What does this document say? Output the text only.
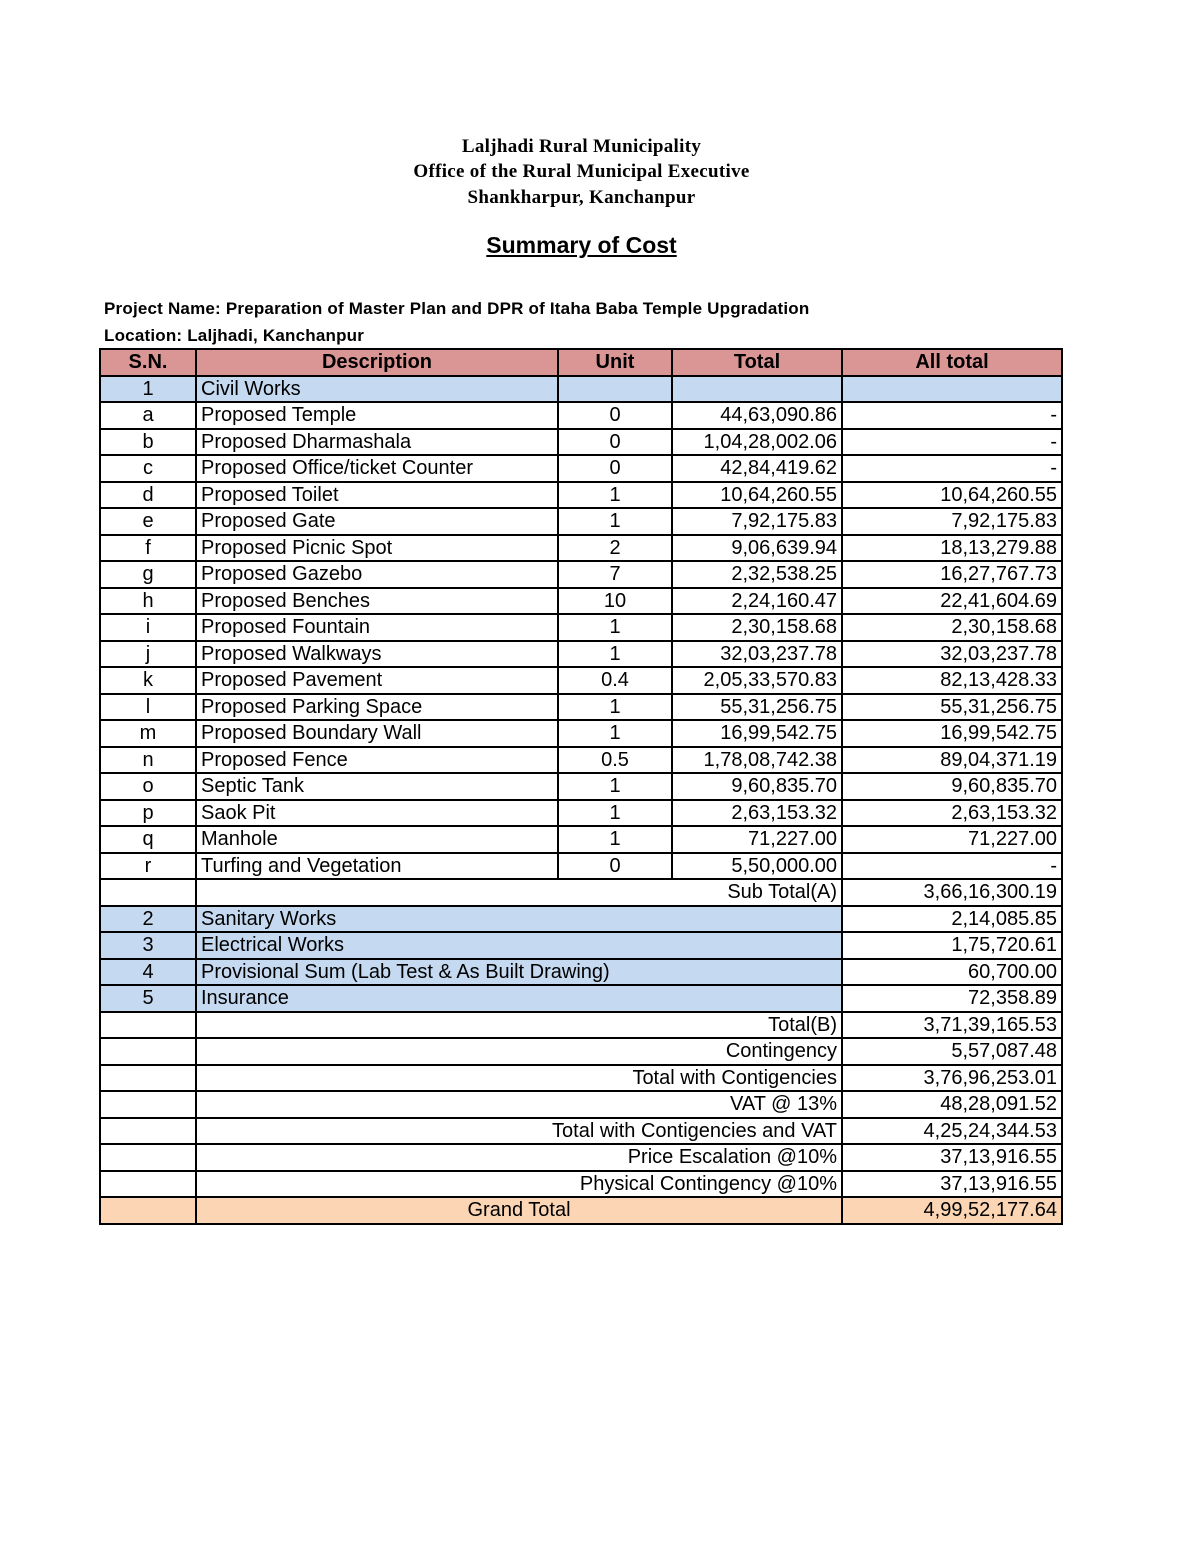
Laljhadi Rural Municipality
Office of the Rural Municipal Executive
Shankharpur, Kanchanpur
Summary of Cost
Project Name: Preparation of Master Plan and DPR of Itaha Baba Temple Upgradation
Location: Laljhadi, Kanchanpur
S.N.	Description	Unit	Total	All total
1	Civil Works			
a	Proposed Temple	0	44,63,090.86	-
b	Proposed Dharmashala	0	1,04,28,002.06	-
c	Proposed Office/ticket Counter	0	42,84,419.62	-
d	Proposed Toilet	1	10,64,260.55	10,64,260.55
e	Proposed Gate	1	7,92,175.83	7,92,175.83
f	Proposed Picnic Spot	2	9,06,639.94	18,13,279.88
g	Proposed Gazebo	7	2,32,538.25	16,27,767.73
h	Proposed Benches	10	2,24,160.47	22,41,604.69
i	Proposed Fountain	1	2,30,158.68	2,30,158.68
j	Proposed Walkways	1	32,03,237.78	32,03,237.78
k	Proposed Pavement	0.4	2,05,33,570.83	82,13,428.33
l	Proposed Parking Space	1	55,31,256.75	55,31,256.75
m	Proposed Boundary Wall	1	16,99,542.75	16,99,542.75
n	Proposed Fence	0.5	1,78,08,742.38	89,04,371.19
o	Septic Tank	1	9,60,835.70	9,60,835.70
p	Saok Pit	1	2,63,153.32	2,63,153.32
q	Manhole	1	71,227.00	71,227.00
r	Turfing and Vegetation	0	5,50,000.00	-
	Sub Total(A)			3,66,16,300.19
2	Sanitary Works			2,14,085.85
3	Electrical Works			1,75,720.61
4	Provisional Sum (Lab Test & As Built Drawing)			60,700.00
5	Insurance			72,358.89
	Total(B)			3,71,39,165.53
	Contingency			5,57,087.48
	Total with Contigencies			3,76,96,253.01
	VAT @ 13%			48,28,091.52
	Total with Contigencies and VAT			4,25,24,344.53
	Price Escalation @10%			37,13,916.55
	Physical Contingency @10%			37,13,916.55
	Grand Total			4,99,52,177.64
